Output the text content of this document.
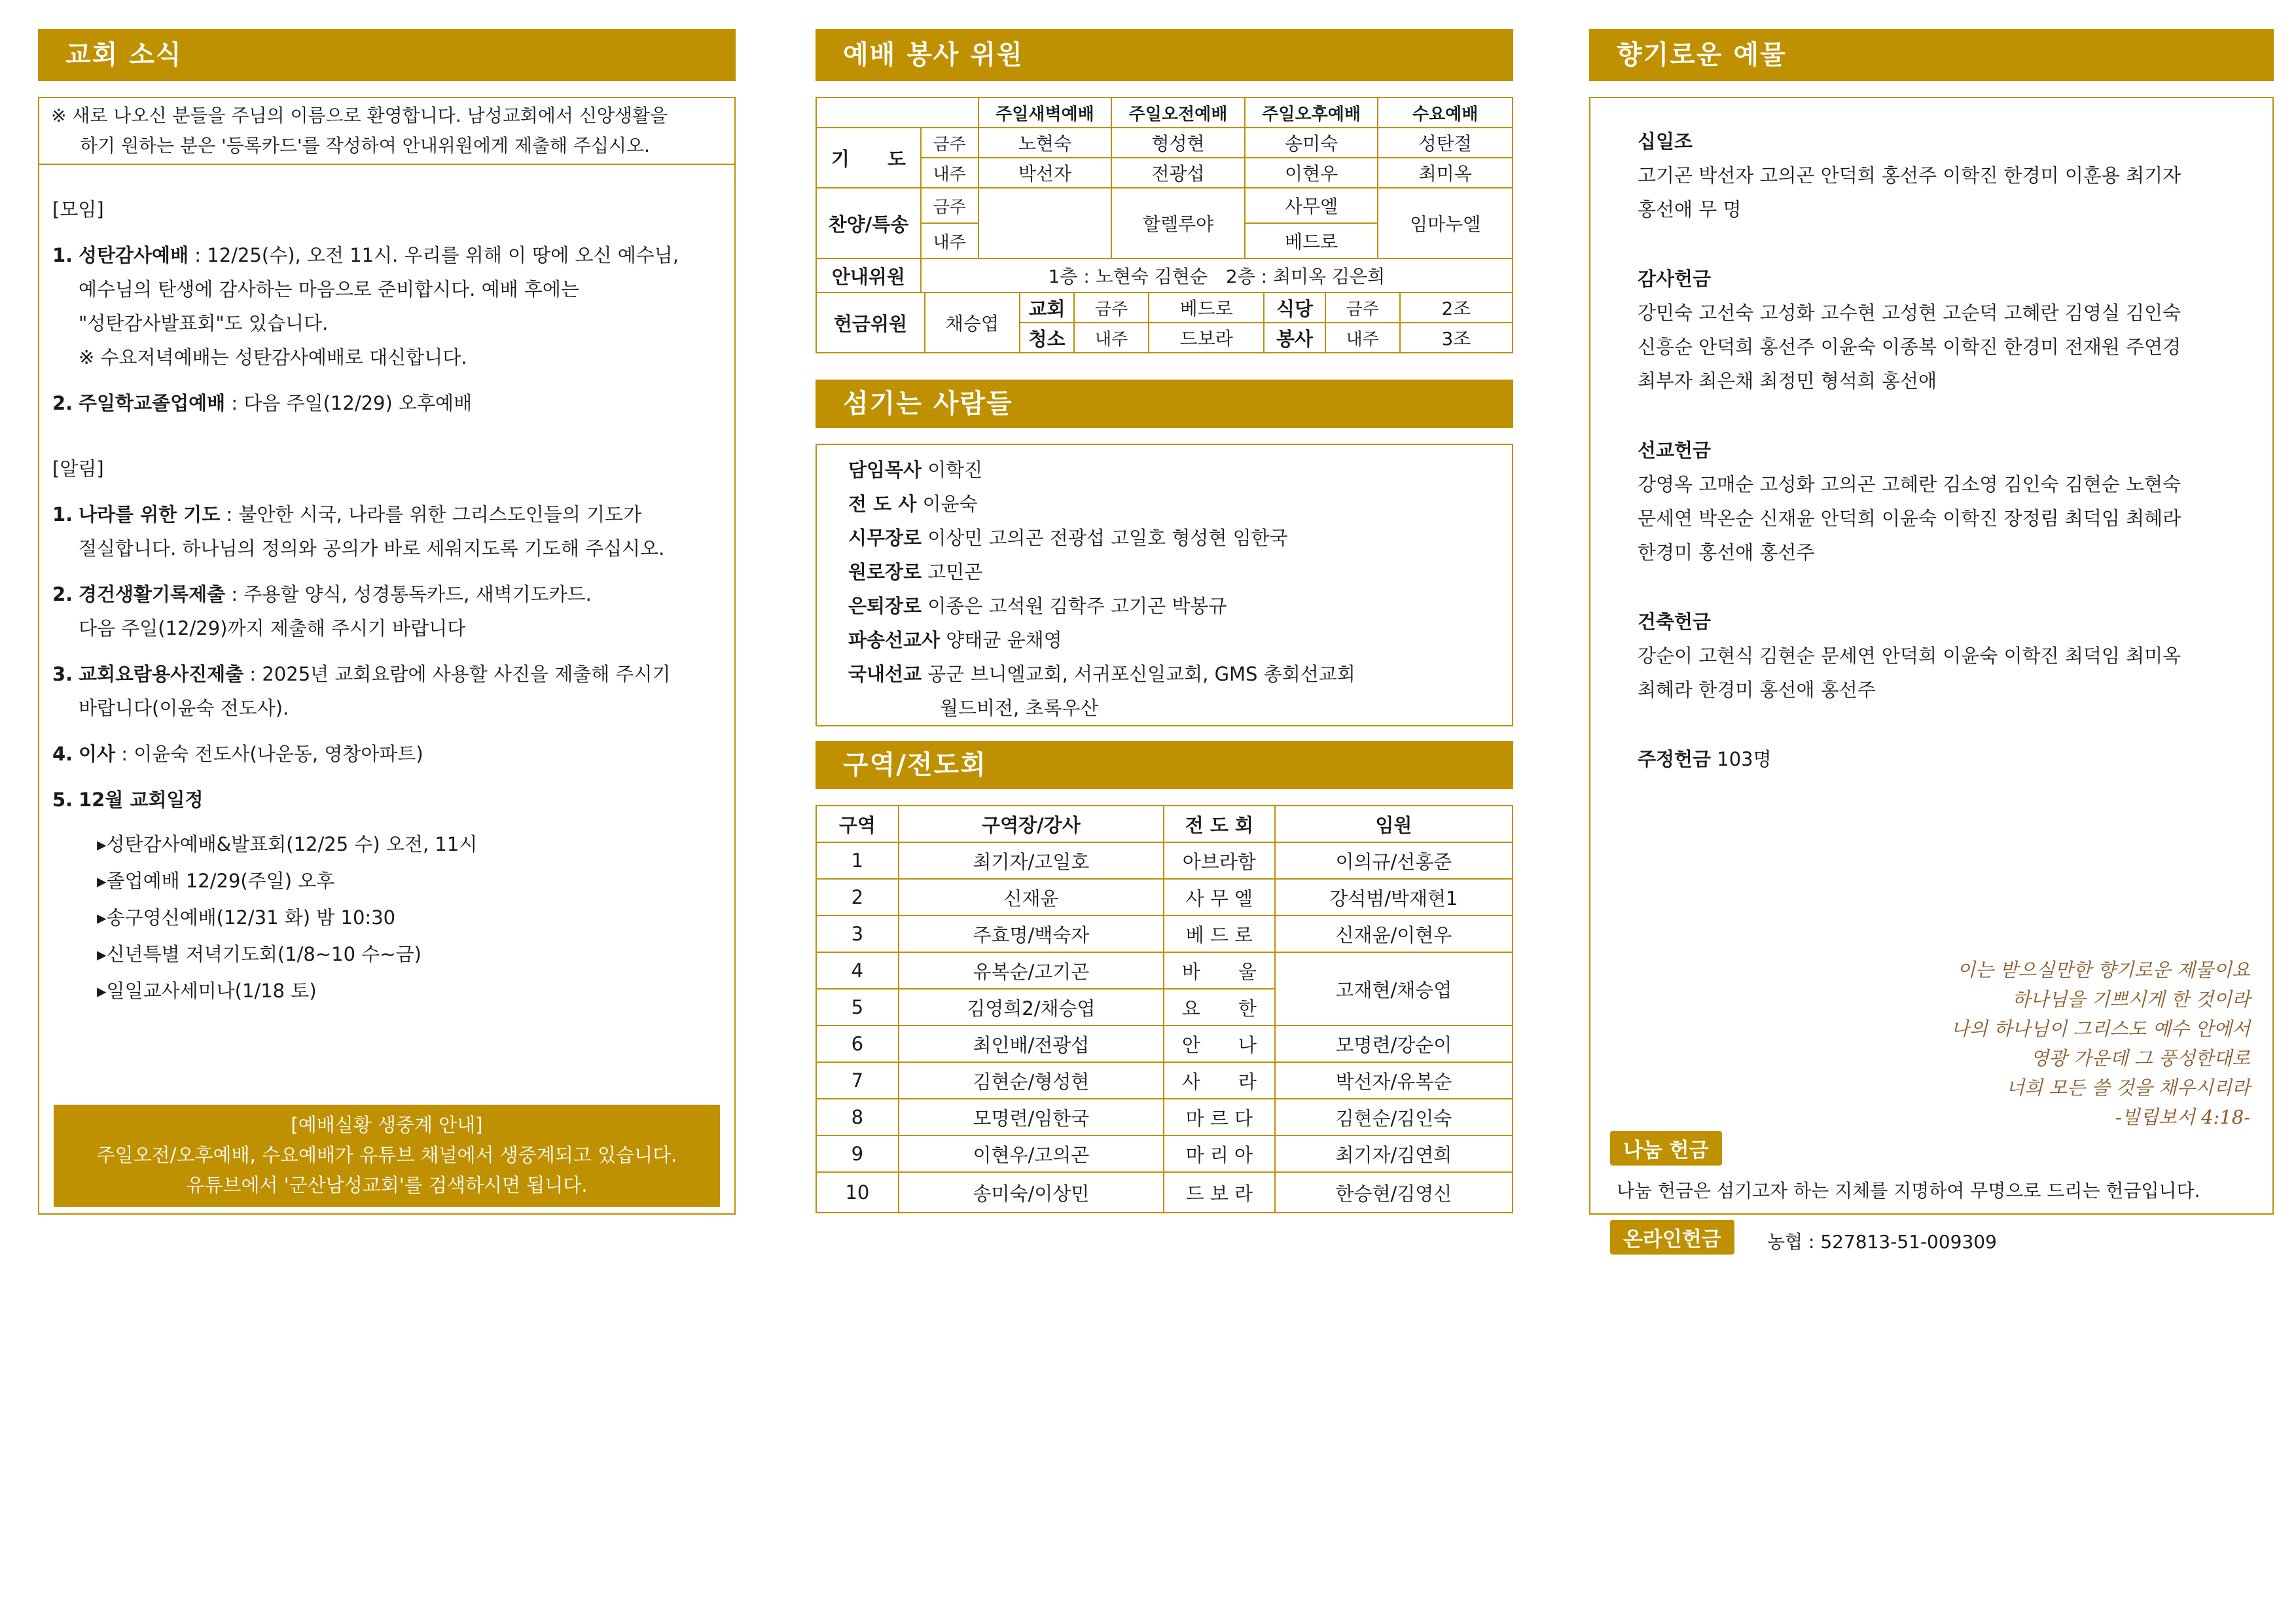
교회 소식
※ 새로 나오신 분들을 주님의 이름으로 환영합니다. 남성교회에서 신앙생활을
하기 원하는 분은 '등록카드'를 작성하여 안내위원에게 제출해 주십시오.
[모임]
1. 성탄감사예배 : 12/25(수), 오전 11시. 우리를 위해 이 땅에 오신 예수님,
예수님의 탄생에 감사하는 마음으로 준비합시다. 예배 후에는
"성탄감사발표회"도 있습니다.
※ 수요저녁예배는 성탄감사예배로 대신합니다.
2. 주일학교졸업예배 : 다음 주일(12/29) 오후예배
[알림]
1. 나라를 위한 기도 : 불안한 시국, 나라를 위한 그리스도인들의 기도가
절실합니다. 하나님의 정의와 공의가 바로 세워지도록 기도해 주십시오.
2. 경건생활기록제출 : 주용할 양식, 성경통독카드, 새벽기도카드.
다음 주일(12/29)까지 제출해 주시기 바랍니다
3. 교회요람용사진제출 : 2025년 교회요람에 사용할 사진을 제출해 주시기
바랍니다(이윤숙 전도사).
4. 이사 : 이윤숙 전도사(나운동, 영창아파트)
5. 12월 교회일정
▸성탄감사예배&발표회(12/25 수) 오전, 11시
▸졸업예배 12/29(주일) 오후
▸송구영신예배(12/31 화) 밤 10:30
▸신년특별 저녁기도회(1/8~10 수~금)
▸일일교사세미나(1/18 토)
[예배실황 생중계 안내]
주일오전/오후예배, 수요예배가 유튜브 채널에서 생중계되고 있습니다.
유튜브에서 '군산남성교회'를 검색하시면 됩니다.
예배 봉사 위원
		주일새벽예배	주일오전예배	주일오후예배	수요예배
기　　도	금주	노현숙	형성현	송미숙	성탄절
	내주	박선자	전광섭	이현우	최미옥
찬양/특송	금주		할렐루야	사무엘	임마누엘
	내주			베드로	
안내위원	1층 : 노현숙 김현순　2층 : 최미옥 김은희				
헌금위원	채승엽	교회	금주	베드로	식당	금주	2조
		청소	내주	드보라	봉사	내주	3조
섬기는 사람들
담임목사 이학진
전 도 사 이윤숙
시무장로 이상민 고의곤 전광섭 고일호 형성현 임한국
원로장로 고민곤
은퇴장로 이종은 고석원 김학주 고기곤 박봉규
파송선교사 양태균 윤채영
국내선교 공군 브니엘교회, 서귀포신일교회, GMS 총회선교회
월드비전, 초록우산
구역/전도회
구역	구역장/강사	전 도 회	임원
1	최기자/고일호	아브라함	이의규/선홍준
2	신재윤	사 무 엘	강석범/박재현1
3	주효명/백숙자	베 드 로	신재윤/이현우
4	유복순/고기곤	바　　울	고재현/채승엽
5	김영희2/채승엽	요　　한	
6	최인배/전광섭	안　　나	모명련/강순이
7	김현순/형성현	사　　라	박선자/유복순
8	모명련/임한국	마 르 다	김현순/김인숙
9	이현우/고의곤	마 리 아	최기자/김연희
10	송미숙/이상민	드 보 라	한승현/김영신
향기로운 예물
십일조
고기곤 박선자 고의곤 안덕희 홍선주 이학진 한경미 이훈용 최기자
홍선애 무 명
감사헌금
강민숙 고선숙 고성화 고수현 고성현 고순덕 고혜란 김영실 김인숙
신흥순 안덕희 홍선주 이윤숙 이종복 이학진 한경미 전재원 주연경
최부자 최은채 최정민 형석희 홍선애
선교헌금
강영옥 고매순 고성화 고의곤 고혜란 김소영 김인숙 김현순 노현숙
문세연 박온순 신재윤 안덕희 이윤숙 이학진 장정림 최덕임 최혜라
한경미 홍선애 홍선주
건축헌금
강순이 고현식 김현순 문세연 안덕희 이윤숙 이학진 최덕임 최미옥
최혜라 한경미 홍선애 홍선주
주정헌금 103명
이는 받으실만한 향기로운 제물이요
하나님을 기쁘시게 한 것이라
나의 하나님이 그리스도 예수 안에서
영광 가운데 그 풍성한대로
너희 모든 쓸 것을 채우시리라
-빌립보서 4:18-
나눔 헌금
나눔 헌금은 섬기고자 하는 지체를 지명하여 무명으로 드리는 헌금입니다.
온라인헌금	농협 : 527813-51-009309
